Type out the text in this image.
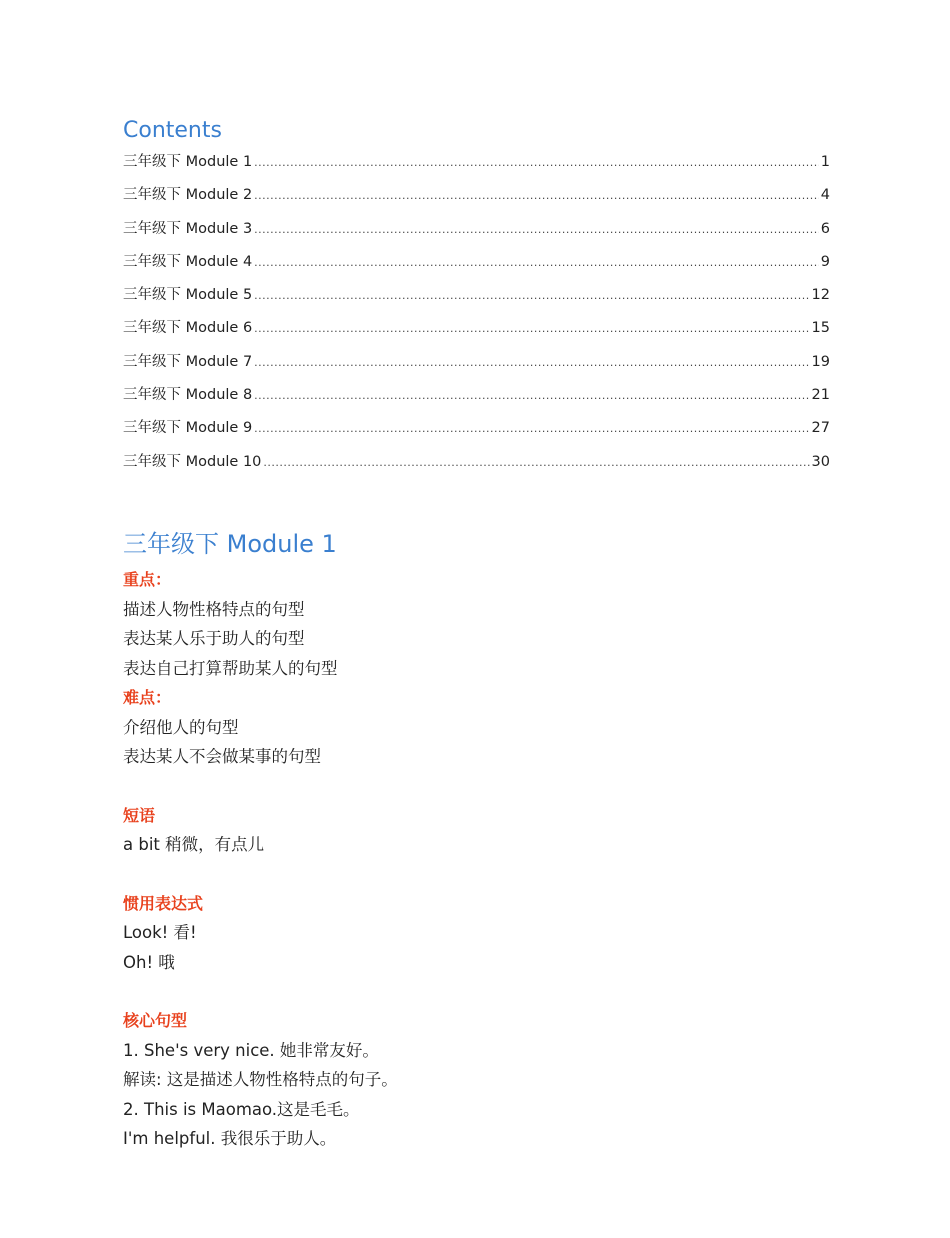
Contents
三年级下 Module 1 .....	1
三年级下 Module 2 .....	4
三年级下 Module 3 .....	6
三年级下 Module 4 .....	9
三年级下 Module 5 .....	12
三年级下 Module 6 .....	15
三年级下 Module 7 .....	19
三年级下 Module 8 .....	21
三年级下 Module 9 .....	27
三年级下 Module 10 .....	30
三年级下 Module 1

重点：

描述人物性格特点的句型

表达某人乐于助人的句型

表达自己打算帮助某人的句型

难点：

介绍他人的句型

表达某人不会做某事的句型

短语

a bit 稍微，有点儿

惯用表达式

Look! 看!

Oh! 哦

核心句型

1. She's very nice. 她非常友好。

解读: 这是描述人物性格特点的句子。

2. This is Maomao.这是毛毛。

I'm helpful. 我很乐于助人。
